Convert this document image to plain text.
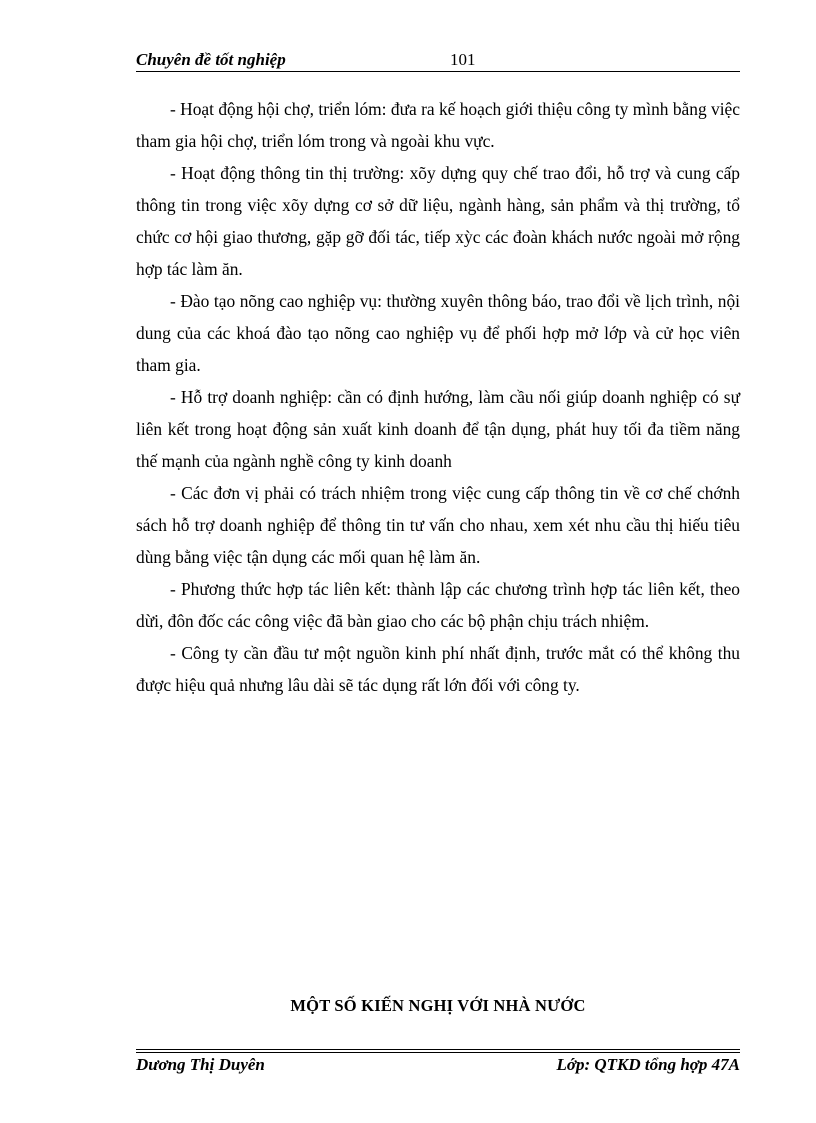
Chuyên đề tốt nghiệp	101

- Hoạt động hội chợ, triển lóm: đưa ra kế hoạch giới thiệu công ty mình bằng việc tham gia hội chợ, triển lóm trong và ngoài khu vực.

- Hoạt động thông tin thị trường: xõy dựng quy chế trao đổi, hỗ trợ và cung cấp thông tin trong việc xõy dựng cơ sở dữ liệu, ngành hàng, sản phẩm và thị trường, tổ chức cơ hội giao thương, gặp gỡ đối tác, tiếp xỳc các đoàn khách nước ngoài mở rộng hợp tác làm ăn.

- Đào tạo nõng cao nghiệp vụ: thường xuyên thông báo, trao đổi về lịch trình, nội dung của các khoá đào tạo nõng cao nghiệp vụ để phối hợp mở lớp và cử học viên tham gia.

- Hỗ trợ doanh nghiệp: cần có định hướng, làm cầu nối giúp doanh nghiệp có sự liên kết trong hoạt động sản xuất kinh doanh để tận dụng, phát huy tối đa tiềm năng thế mạnh của ngành nghề công ty kinh doanh

- Các đơn vị phải có trách nhiệm trong việc cung cấp thông tin về cơ chế chớnh sách hỗ trợ doanh nghiệp để thông tin tư vấn cho nhau, xem xét nhu cầu thị hiếu tiêu dùng bằng việc tận dụng các mối quan hệ làm ăn.

- Phương thức hợp tác liên kết: thành lập các chương trình hợp tác liên kết, theo dừi, đôn đốc các công việc đã bàn giao cho các bộ phận chịu trách nhiệm.

- Công ty cần đầu tư một nguồn kinh phí nhất định, trước mắt có thể không thu được hiệu quả nhưng lâu dài sẽ tác dụng rất lớn đối với công ty.

MỘT SỐ KIẾN NGHỊ VỚI NHÀ NƯỚC
Dương Thị Duyên	Lớp: QTKD tổng hợp 47A
